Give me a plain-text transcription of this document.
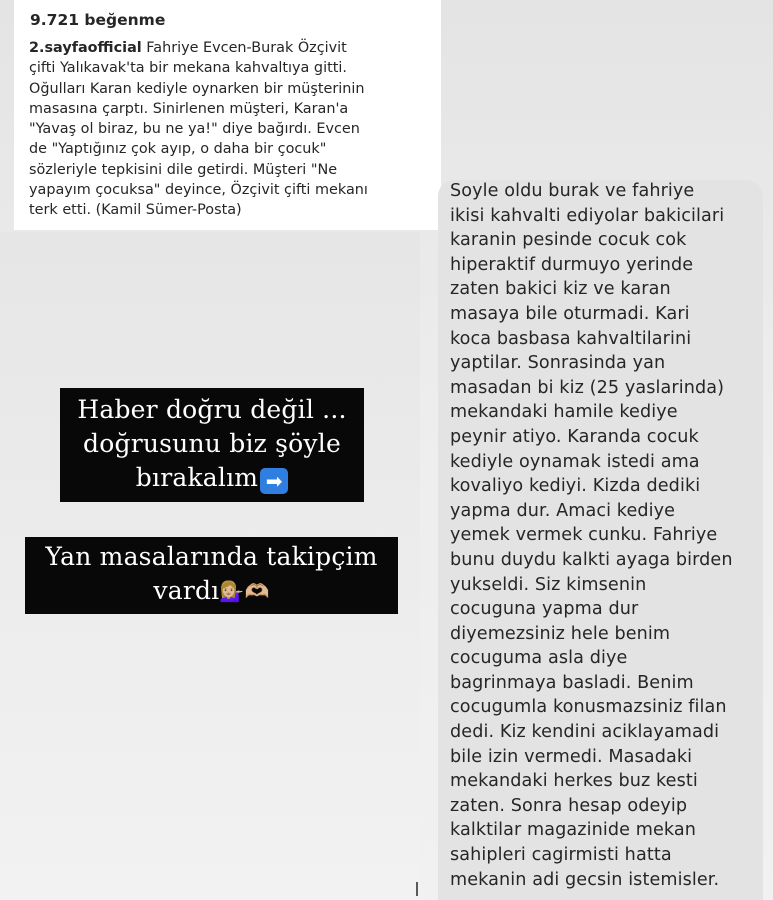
9.721 beğenme
2.sayfaofficial Fahriye Evcen-Burak Özçivit
çifti Yalıkavak'ta bir mekana kahvaltıya gitti.
Oğulları Karan kediyle oynarken bir müşterinin
masasına çarptı. Sinirlenen müşteri, Karan'a
"Yavaş ol biraz, bu ne ya!" diye bağırdı. Evcen
de "Yaptığınız çok ayıp, o daha bir çocuk"
sözleriyle tepkisini dile getirdi. Müşteri "Ne
yapayım çocuksa" deyince, Özçivit çifti mekanı
terk etti. (Kamil Sümer-Posta)
Haber doğru değil ...
doğrusunu biz şöyle
bırakalım ➡
Yan masalarında takipçim
vardı💁🏼‍♀️🫶🏼
Soyle oldu burak ve fahriye
ikisi kahvalti ediyolar bakicilari
karanin pesinde cocuk cok
hiperaktif durmuyo yerinde
zaten bakici kiz ve karan
masaya bile oturmadi. Kari
koca basbasa kahvaltilarini
yaptilar. Sonrasinda yan
masadan bi kiz (25 yaslarinda)
mekandaki hamile kediye
peynir atiyo. Karanda cocuk
kediyle oynamak istedi ama
kovaliyo kediyi. Kizda dediki
yapma dur. Amaci kediye
yemek vermek cunku. Fahriye
bunu duydu kalkti ayaga birden
yukseldi. Siz kimsenin
cocuguna yapma dur
diyemezsiniz hele benim
cocuguma asla diye
bagrinmaya basladi. Benim
cocugumla konusmazsiniz filan
dedi. Kiz kendini aciklayamadi
bile izin vermedi. Masadaki
mekandaki herkes buz kesti
zaten. Sonra hesap odeyip
kalktilar magazinide mekan
sahipleri cagirmisti hatta
mekanin adi gecsin istemisler.
